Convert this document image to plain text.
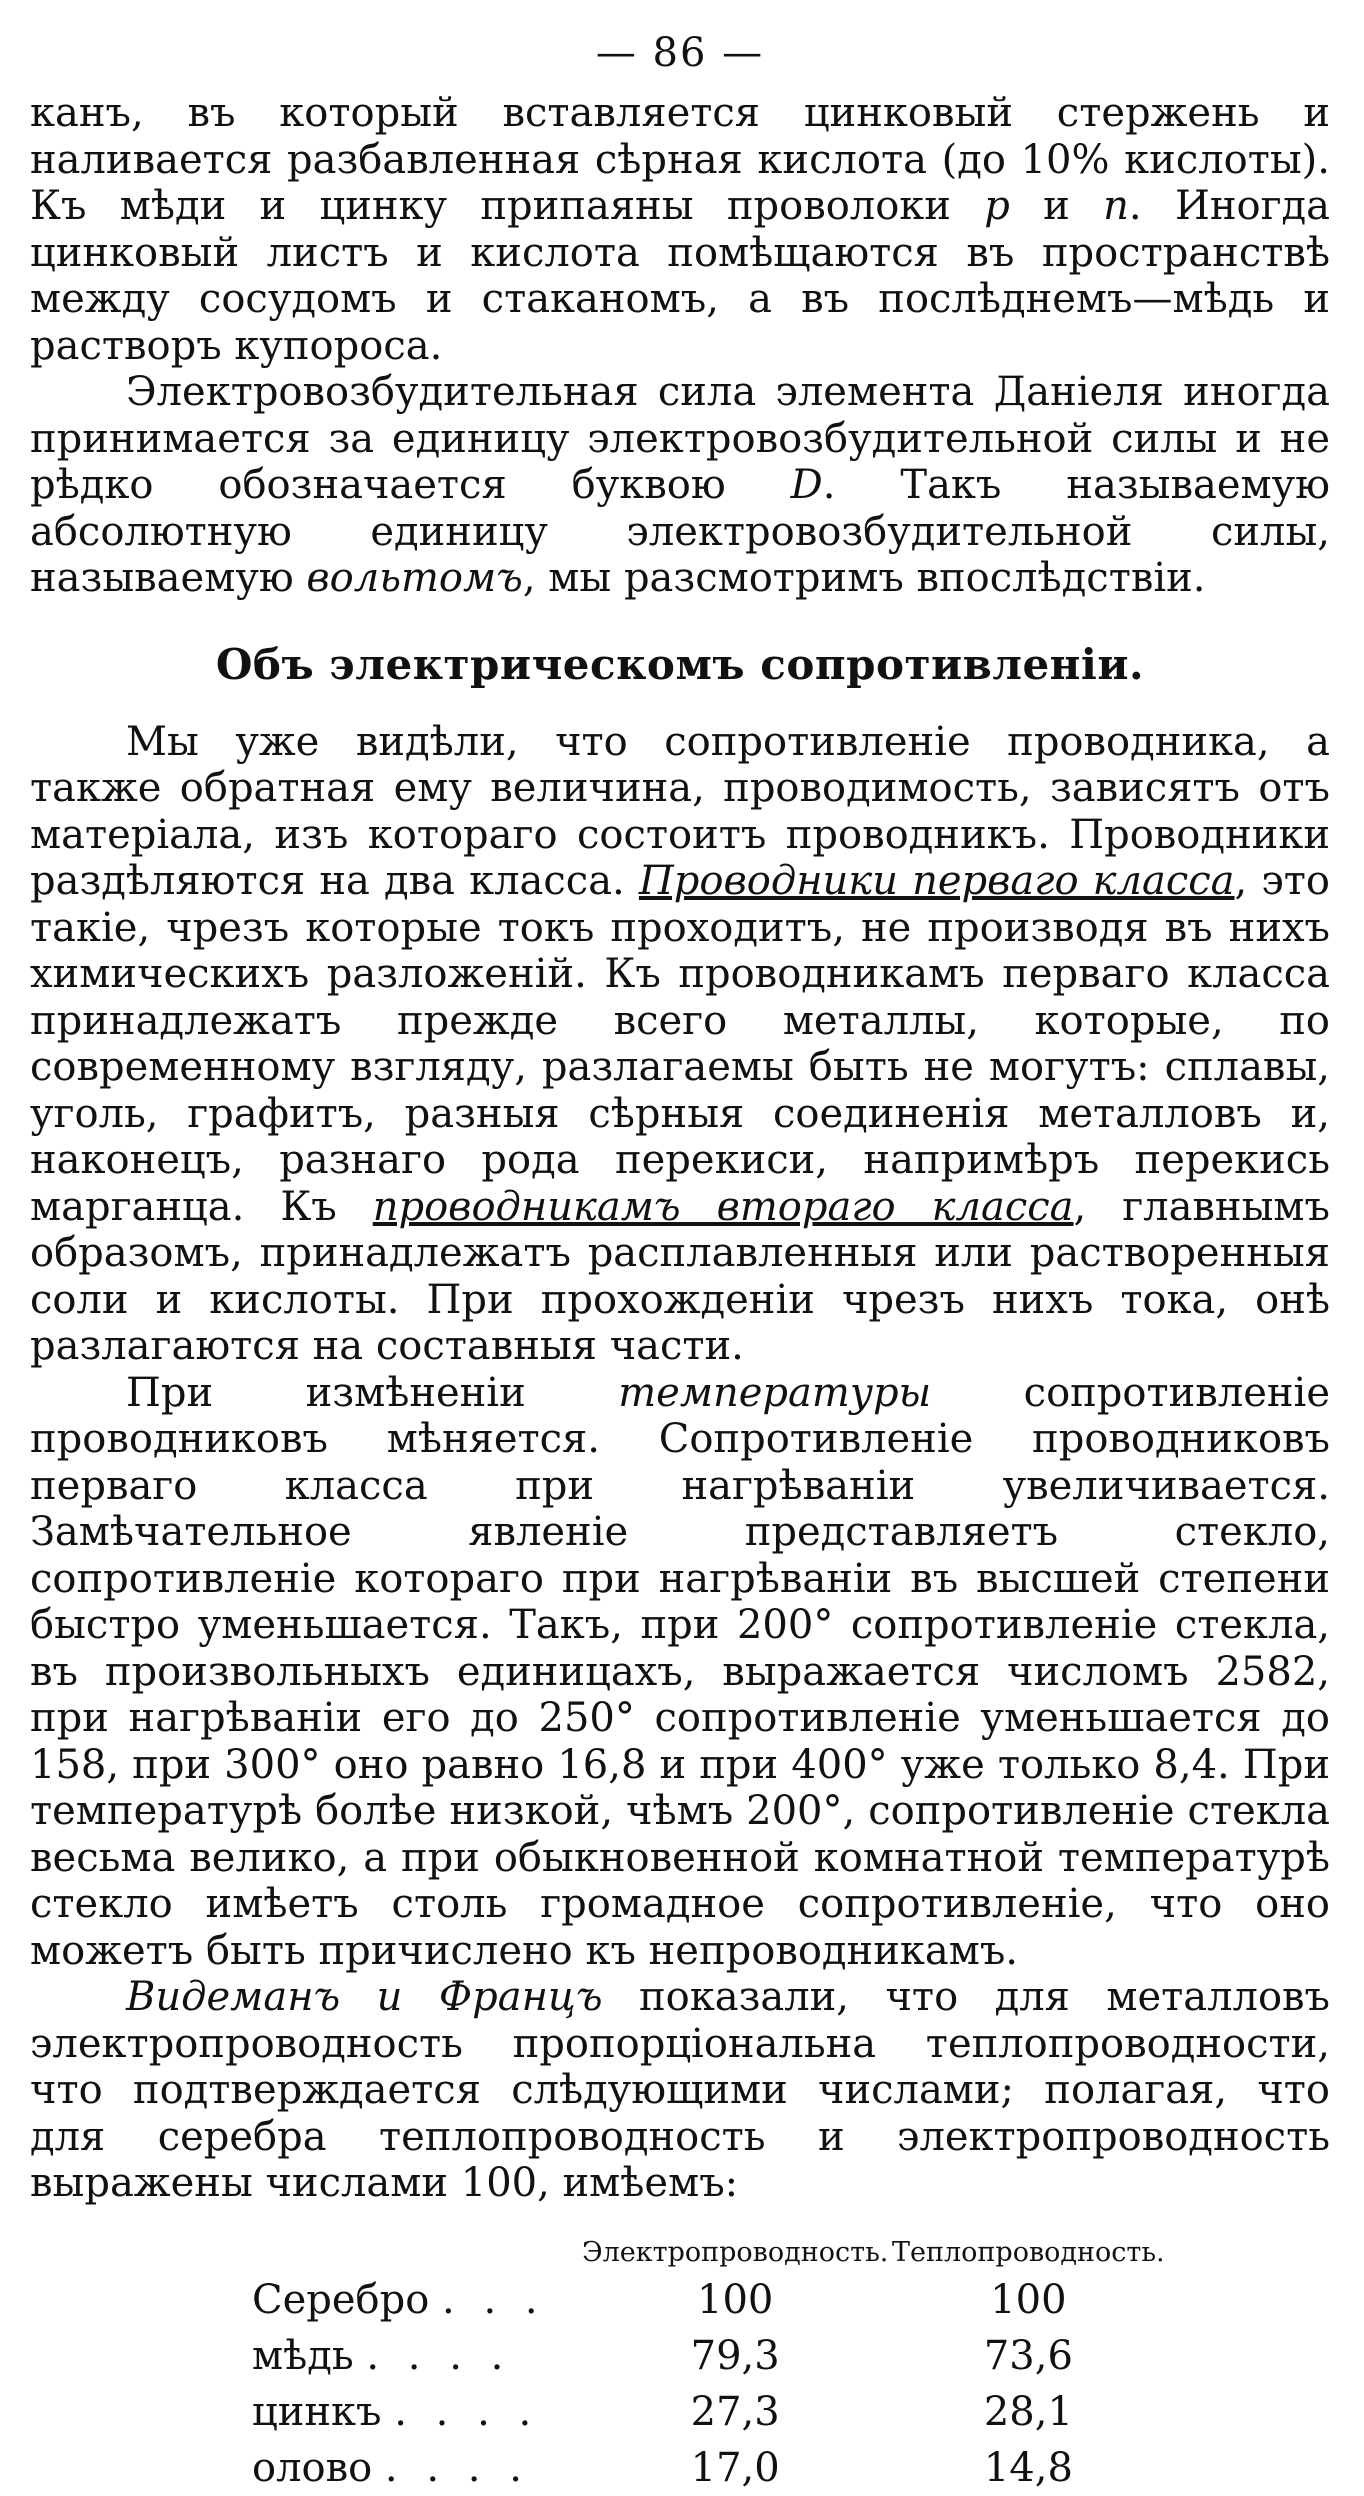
— 86 —

канъ, въ который вставляется цинковый стержень и наливается разбавленная сѣрная кислота (до 10% кислоты). Къ мѣди и цинку припаяны проволоки p и n. Иногда цинковый листъ и кислота помѣщаются въ пространствѣ между сосудомъ и стаканомъ, а въ послѣднемъ—мѣдь и растворъ купороса.

Электровозбудительная сила элемента Даніеля иногда принимается за единицу электровозбудительной силы и не рѣдко обозначается буквою D. Такъ называемую абсолютную единицу электровозбудительной силы, называемую вольтомъ, мы разсмотримъ впослѣдствіи.

Объ электрическомъ сопротивленіи.

Мы уже видѣли, что сопротивленіе проводника, а также обратная ему величина, проводимость, зависятъ отъ матеріала, изъ котораго состоитъ проводникъ. Проводники раздѣляются на два класса. Проводники перваго класса, это такіе, чрезъ которые токъ проходитъ, не производя въ нихъ химическихъ разложеній. Къ проводникамъ перваго класса принадлежатъ прежде всего металлы, которые, по современному взгляду, разлагаемы быть не могутъ: сплавы, уголь, графитъ, разныя сѣрныя соединенія металловъ и, наконецъ, разнаго рода перекиси, напримѣръ перекись марганца. Къ проводникамъ втораго класса, главнымъ образомъ, принадлежатъ расплавленныя или растворенныя соли и кислоты. При прохожденіи чрезъ нихъ тока, онѣ разлагаются на составныя части.

При измѣненіи температуры сопротивленіе проводниковъ мѣняется. Сопротивленіе проводниковъ перваго класса при нагрѣваніи увеличивается. Замѣчательное явленіе представляетъ стекло, сопротивленіе котораго при нагрѣваніи въ высшей степени быстро уменьшается. Такъ, при 200° сопротивленіе стекла, въ произвольныхъ единицахъ, выражается числомъ 2582, при нагрѣваніи его до 250° сопротивленіе уменьшается до 158, при 300° оно равно 16,8 и при 400° уже только 8,4. При температурѣ болѣе низкой, чѣмъ 200°, сопротивленіе стекла весьма велико, а при обыкновенной комнатной температурѣ стекло имѣетъ столь громадное сопротивленіе, что оно можетъ быть причислено къ непроводникамъ.

Видеманъ и Францъ показали, что для металловъ электропроводность пропорціональна теплопроводности, что подтверждается слѣдующими числами; полагая, что для серебра теплопроводность и электропроводность выражены числами 100, имѣемъ:

	Электропроводность.	Теплопроводность.
Серебро . . .	100	100
мѣдь . . . .	79,3	73,6
цинкъ . . . .	27,3	28,1
олово . . . .	17,0	14,8
